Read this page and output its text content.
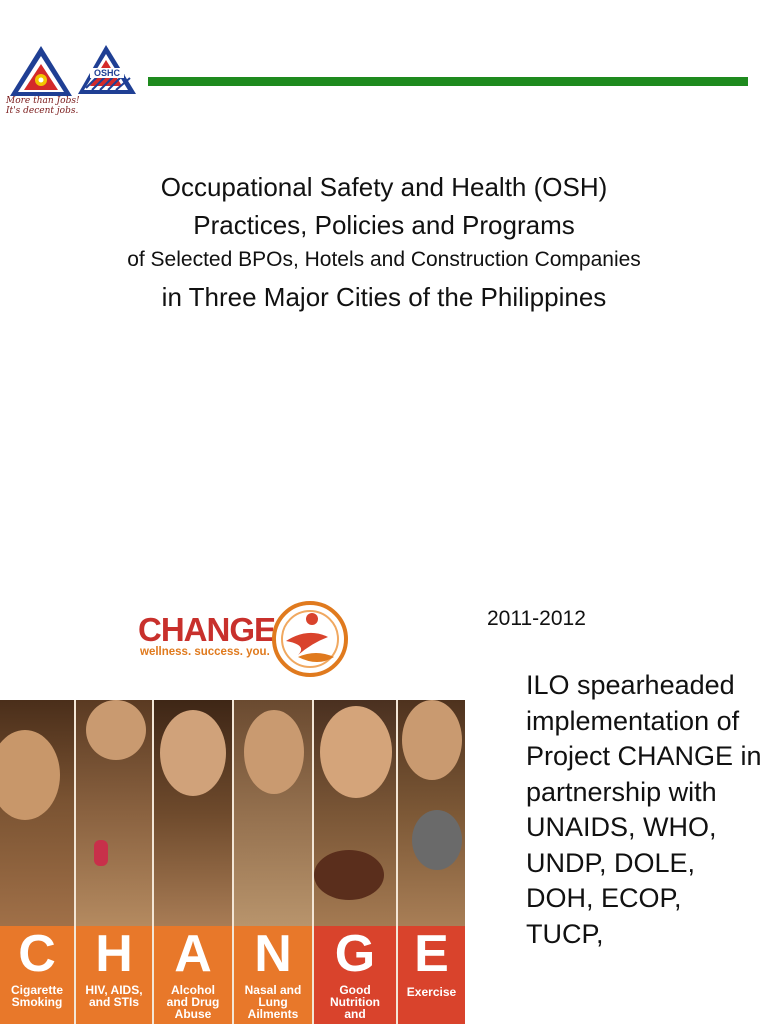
More than Jobs!
It's decent jobs.
OSHC
Occupational Safety and Health (OSH)
Practices, Policies and Programs
of Selected BPOs, Hotels and Construction Companies
in Three Major Cities of the Philippines
CHANGE
wellness. success. you.
2011-2012
ILO spearheaded implementation of Project CHANGE in partnership with UNAIDS, WHO, UNDP, DOLE, DOH, ECOP, TUCP,
C
Cigarette
Smoking
H
HIV, AIDS,
and STIs
A
Alcohol
and Drug
Abuse
N
Nasal and
Lung
Ailments
G
Good
Nutrition
and
E
Exercise
